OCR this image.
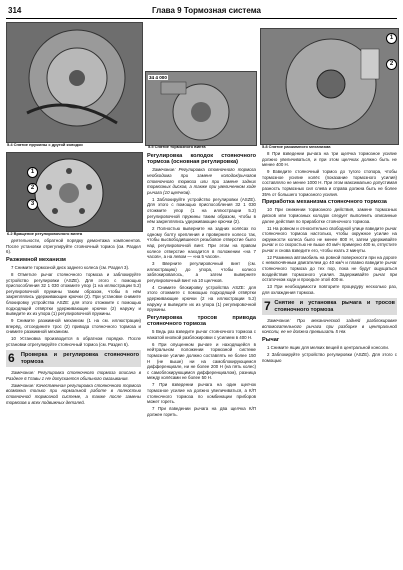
314	Глава 9 Тормозная система
5.4 Снятие пружины с другой колодки
34 4 000
5.5 Снятие тормозного винта
1
2
5.8 Снятие разжимного механизма
1
2
3
6.2 Вращение регулировочного винта

деятельности, обратной порядку демонтажа компонентов. После установки отрегулируйте стояночный тормоз (см. Раздел 6).

Разжимной механизм

7 Снимите тормозной диск заднего колеса (см. Раздел 3).

8 Отметьте рычаг стояночного тормоза и заблокируйте устройство регулировки (ASZE). Для этого с помощью приспособления 32 1 030 отожмите упор (1 на иллюстрации 5.2) регулировочной пружины таким образом, чтобы в нём закреплялись удерживающие крючки (2). При установке снимите блокировку устройства ASZE: для этого отожмите с помощью подходящей отвёртки удерживающие крючки (2) наружу и выведите их из упора (1) регулировочной пружины.

9 Снимите разжимной механизм (1 на см. иллюстрации) вперёд, отсоедините трос (2) привода стояночного тормоза и снимите разжимной механизм.

10 Установка производится в обратном порядке. После установки отрегулируйте стояночный тормоз (см. Раздел 6).

6	Проверка и регулировка стояночного тормоза

Замечание: Регулировка стояночного тормоза описана в Разделе 6 Главы 1 Не допускается обильного смазывания.

Замечание: Качественная регулировка стояночного тормоза возможна только при нормальной работе в полностью стояночной тормозной системе, а также после замены тормозов и всех подвижных деталей.

Регулировка колодок стояночного тормоза (основная регулировка)

Замечание: Регулировка стояночного тормоза необходима при замене колодок/рычагов стояночного тормоза или при замене задних тормозных дисков, а также при увеличенном ходе рычага (10 щелчков).

1 Заблокируйте устройство регулировки (ASZE). Для этого с помощью приспособления 32 1 030 отожмите упор (1 на иллюстрации 5.2) регулировочной пружины таким образом, чтобы в нём закреплялись удерживающие крючки (2).

2 Полностью выверните на задних колёсах по одному болту крепления и проверните колесо так, чтобы высвободившееся резьбовое отверстие было над регулировочной винт. При этом на правом колесе отверстие находится в положении «на 7 часов», а на левом — «на 5 часов».

3 Вверните регулировочный винт (см. иллюстрацию) до упора, чтобы колесо заблокировалось, а затем выверните регулировочный винт на 10 щелчков.

4 Снимите блокировку устройства ASZE: для этого отожмите с помощью подходящей отвёртки удерживающие крючки (2 на иллюстрации 5.2) наружу и выведите их из упора (1) регулировочной пружины.

Регулировка тросов привода стояночного тормоза

5 Ведь раз взведите рычаг стояночного тормоза с нажатой кнопкой разблокировки с усилием в 400 Н.

6 При опущенном рычаге и находящейся в нейтральном положении тормозной системе тормозное усилие должно составлять не более 150 Н (не выше) ни на самоблокирующемся дифференциале, ни не более 200 Н (на пять колес) с самоблокирующимся дифференциалом), разница между колёсами не более 50 Н.

7 При взведении рычага на один щелчок тормозное усилие на должно увеличиваться, а К/П стояночного тормоза по комбинации приборов может гореть.

7 При взведении рычага на два щелчка К/П должен гореть.

8 При взведении рычага на три щелчка тормозное усилие должно увеличиваться, и при этом щелчках должно быть не менее 400 Н.

9 Взведите стояночный тормоз до тугого стопора, чтобы тормозное усилие колёс (показание тормозного усилия) составляло не менее 1000 Н. При этом максимально допустимая разность тормозных сил слева и справа должна быть не более 35% от большего тормозного усилия.

Приработка механизма стояночного тормоза

10 При снижении тормозного действия, замене тормозных дисков или тормозных колодок следует выполнить описанные далее действия по приработке стояночного тормоза.

11 На ровном и относительно свободной улице взведите рычаг стояночного тормоза настолько, чтобы окружное усилие на окружности колеса было не менее 800 Н, затем удерживайте рычаг и со скоростью не выше 40 км/ч примерно 400 м, отпустите рычаг и снова взведите его, чтобы ехать 2 минуты.

12 Разминка автомобиль на ровной поверхности при на дороге с невключённым двигателем до 40 км/ч и плавно взведите рычаг стояночного тормоза до тех пор, пока не будут ощущаться воздействия тормозного усилия. Задерживайте рычаг при остаточном ходе и проедьте этой 400 м.

13 При необходимости повторите процедуру несколько раз, для охлаждения тормоза.

7 Снятие и установка рычага и тросов стояночного тормоза

Замечание: При механической задней разблокировке вспомогательного рычага при разборке в центральной консоли, ее не должна превышать 5 Нм.

Рычаг

1 Снимите ящик для мелких вещей в центральной консоли.

2 Заблокируйте устройство регулировки (ASZE). Для этого с помощью
